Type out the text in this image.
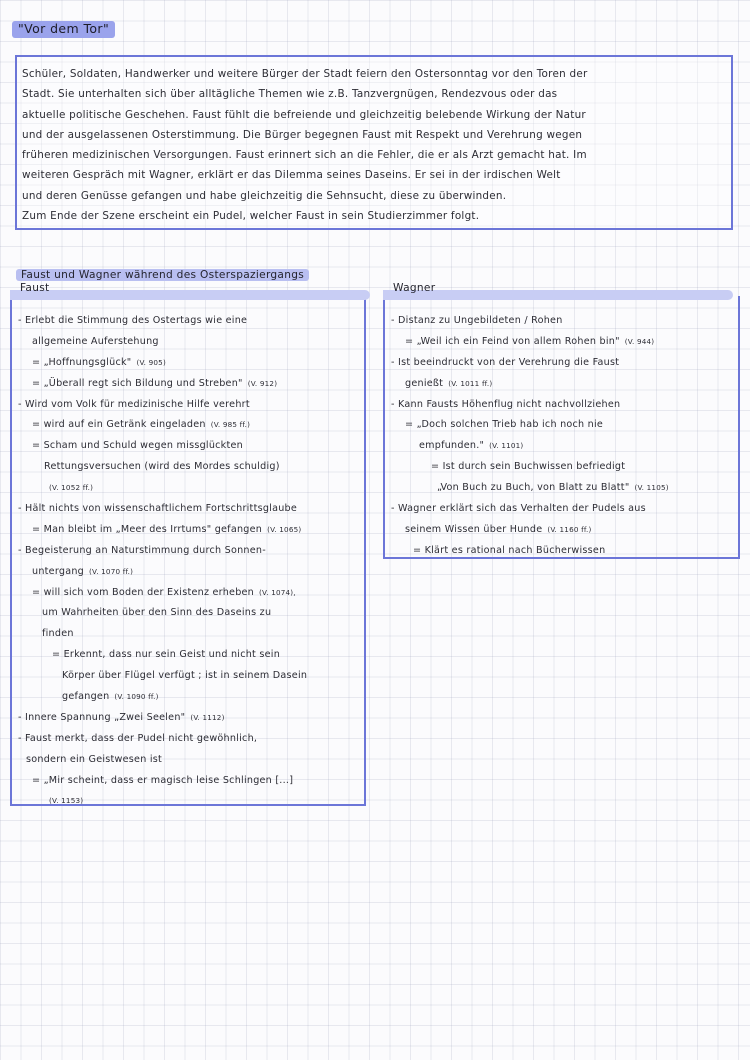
"Vor dem Tor"
Schüler, Soldaten, Handwerker und weitere Bürger der Stadt feiern den Ostersonntag vor den Toren der
Stadt. Sie unterhalten sich über alltägliche Themen wie z.B. Tanzvergnügen, Rendezvous oder das
aktuelle politische Geschehen. Faust fühlt die befreiende und gleichzeitig belebende Wirkung der Natur
und der ausgelassenen Osterstimmung. Die Bürger begegnen Faust mit Respekt und Verehrung wegen
früheren medizinischen Versorgungen. Faust erinnert sich an die Fehler, die er als Arzt gemacht hat. Im
weiteren Gespräch mit Wagner, erklärt er das Dilemma seines Daseins. Er sei in der irdischen Welt
und deren Genüsse gefangen und habe gleichzeitig die Sehnsucht, diese zu überwinden.
Zum Ende der Szene erscheint ein Pudel, welcher Faust in sein Studierzimmer folgt.
Faust und Wagner während des Osterspaziergangs
Faust
- Erlebt die Stimmung des Ostertags wie eine
allgemeine Auferstehung
= „Hoffnungsglück" (V. 905)
= „Überall regt sich Bildung und Streben" (V. 912)
- Wird vom Volk für medizinische Hilfe verehrt
= wird auf ein Getränk eingeladen (V. 985 ff.)
= Scham und Schuld wegen missglückten
Rettungsversuchen (wird des Mordes schuldig)
(V. 1052 ff.)
- Hält nichts von wissenschaftlichem Fortschrittsglaube
= Man bleibt im „Meer des Irrtums" gefangen (V. 1065)
- Begeisterung an Naturstimmung durch Sonnen-
untergang (V. 1070 ff.)
= will sich vom Boden der Existenz erheben (V. 1074),
um Wahrheiten über den Sinn des Daseins zu
finden
= Erkennt, dass nur sein Geist und nicht sein
Körper über Flügel verfügt ; ist in seinem Dasein
gefangen (V. 1090 ff.)
- Innere Spannung „Zwei Seelen" (V. 1112)
- Faust merkt, dass der Pudel nicht gewöhnlich,
sondern ein Geistwesen ist
= „Mir scheint, dass er magisch leise Schlingen [...]
(V. 1153)
Wagner
- Distanz zu Ungebildeten / Rohen
= „Weil ich ein Feind von allem Rohen bin" (V. 944)
- Ist beeindruckt von der Verehrung die Faust
genießt (V. 1011 ff.)
- Kann Fausts Höhenflug nicht nachvollziehen
= „Doch solchen Trieb hab ich noch nie
empfunden." (V. 1101)
= Ist durch sein Buchwissen befriedigt
„Von Buch zu Buch, von Blatt zu Blatt" (V. 1105)
- Wagner erklärt sich das Verhalten der Pudels aus
seinem Wissen über Hunde (V. 1160 ff.)
= Klärt es rational nach Bücherwissen
